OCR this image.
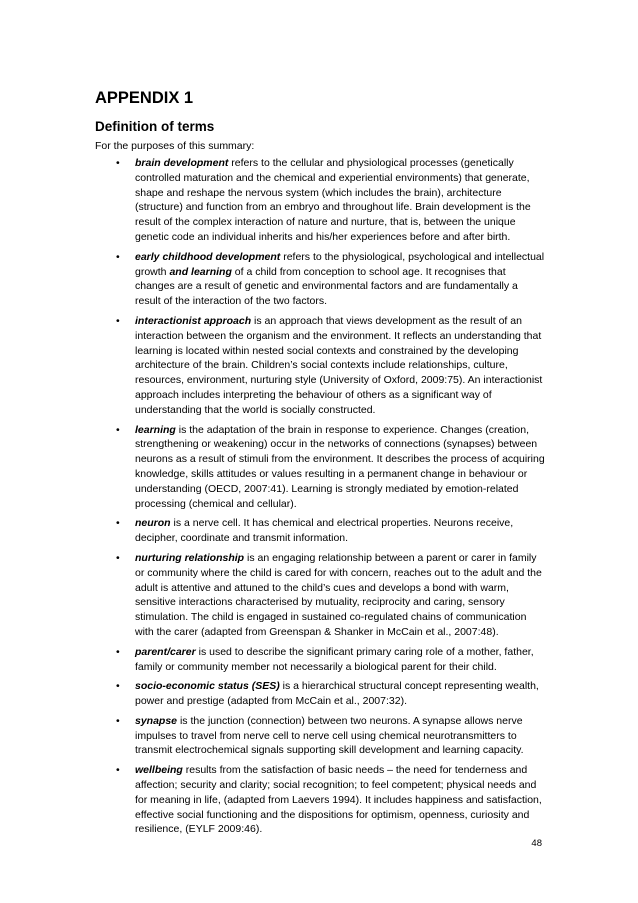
APPENDIX 1
Definition of terms

For the purposes of this summary:

• brain development refers to the cellular and physiological processes (genetically controlled maturation and the chemical and experiential environments) that generate, shape and reshape the nervous system (which includes the brain), architecture (structure) and function from an embryo and throughout life. Brain development is the result of the complex interaction of nature and nurture, that is, between the unique genetic code an individual inherits and his/her experiences before and after birth.
• early childhood development refers to the physiological, psychological and intellectual growth and learning of a child from conception to school age. It recognises that changes are a result of genetic and environmental factors and are fundamentally a result of the interaction of the two factors.
• interactionist approach is an approach that views development as the result of an interaction between the organism and the environment. It reflects an understanding that learning is located within nested social contexts and constrained by the developing architecture of the brain. Children’s social contexts include relationships, culture, resources, environment, nurturing style (University of Oxford, 2009:75). An interactionist approach includes interpreting the behaviour of others as a significant way of understanding that the world is socially constructed.
• learning is the adaptation of the brain in response to experience. Changes (creation, strengthening or weakening) occur in the networks of connections (synapses) between neurons as a result of stimuli from the environment. It describes the process of acquiring knowledge, skills attitudes or values resulting in a permanent change in behaviour or understanding (OECD, 2007:41). Learning is strongly mediated by emotion-related processing (chemical and cellular).
• neuron is a nerve cell. It has chemical and electrical properties. Neurons receive, decipher, coordinate and transmit information.
• nurturing relationship is an engaging relationship between a parent or carer in family or community where the child is cared for with concern, reaches out to the adult and the adult is attentive and attuned to the child’s cues and develops a bond with warm, sensitive interactions characterised by mutuality, reciprocity and caring, sensory stimulation. The child is engaged in sustained co-regulated chains of communication with the carer (adapted from Greenspan & Shanker in McCain et al., 2007:48).
• parent/carer is used to describe the significant primary caring role of a mother, father, family or community member not necessarily a biological parent for their child.
• socio-economic status (SES) is a hierarchical structural concept representing wealth, power and prestige (adapted from McCain et al., 2007:32).
• synapse is the junction (connection) between two neurons. A synapse allows nerve impulses to travel from nerve cell to nerve cell using chemical neurotransmitters to transmit electrochemical signals supporting skill development and learning capacity.
• wellbeing results from the satisfaction of basic needs – the need for tenderness and affection; security and clarity; social recognition; to feel competent; physical needs and for meaning in life, (adapted from Laevers 1994). It includes happiness and satisfaction, effective social functioning and the dispositions for optimism, openness, curiosity and resilience, (EYLF 2009:46).
48
